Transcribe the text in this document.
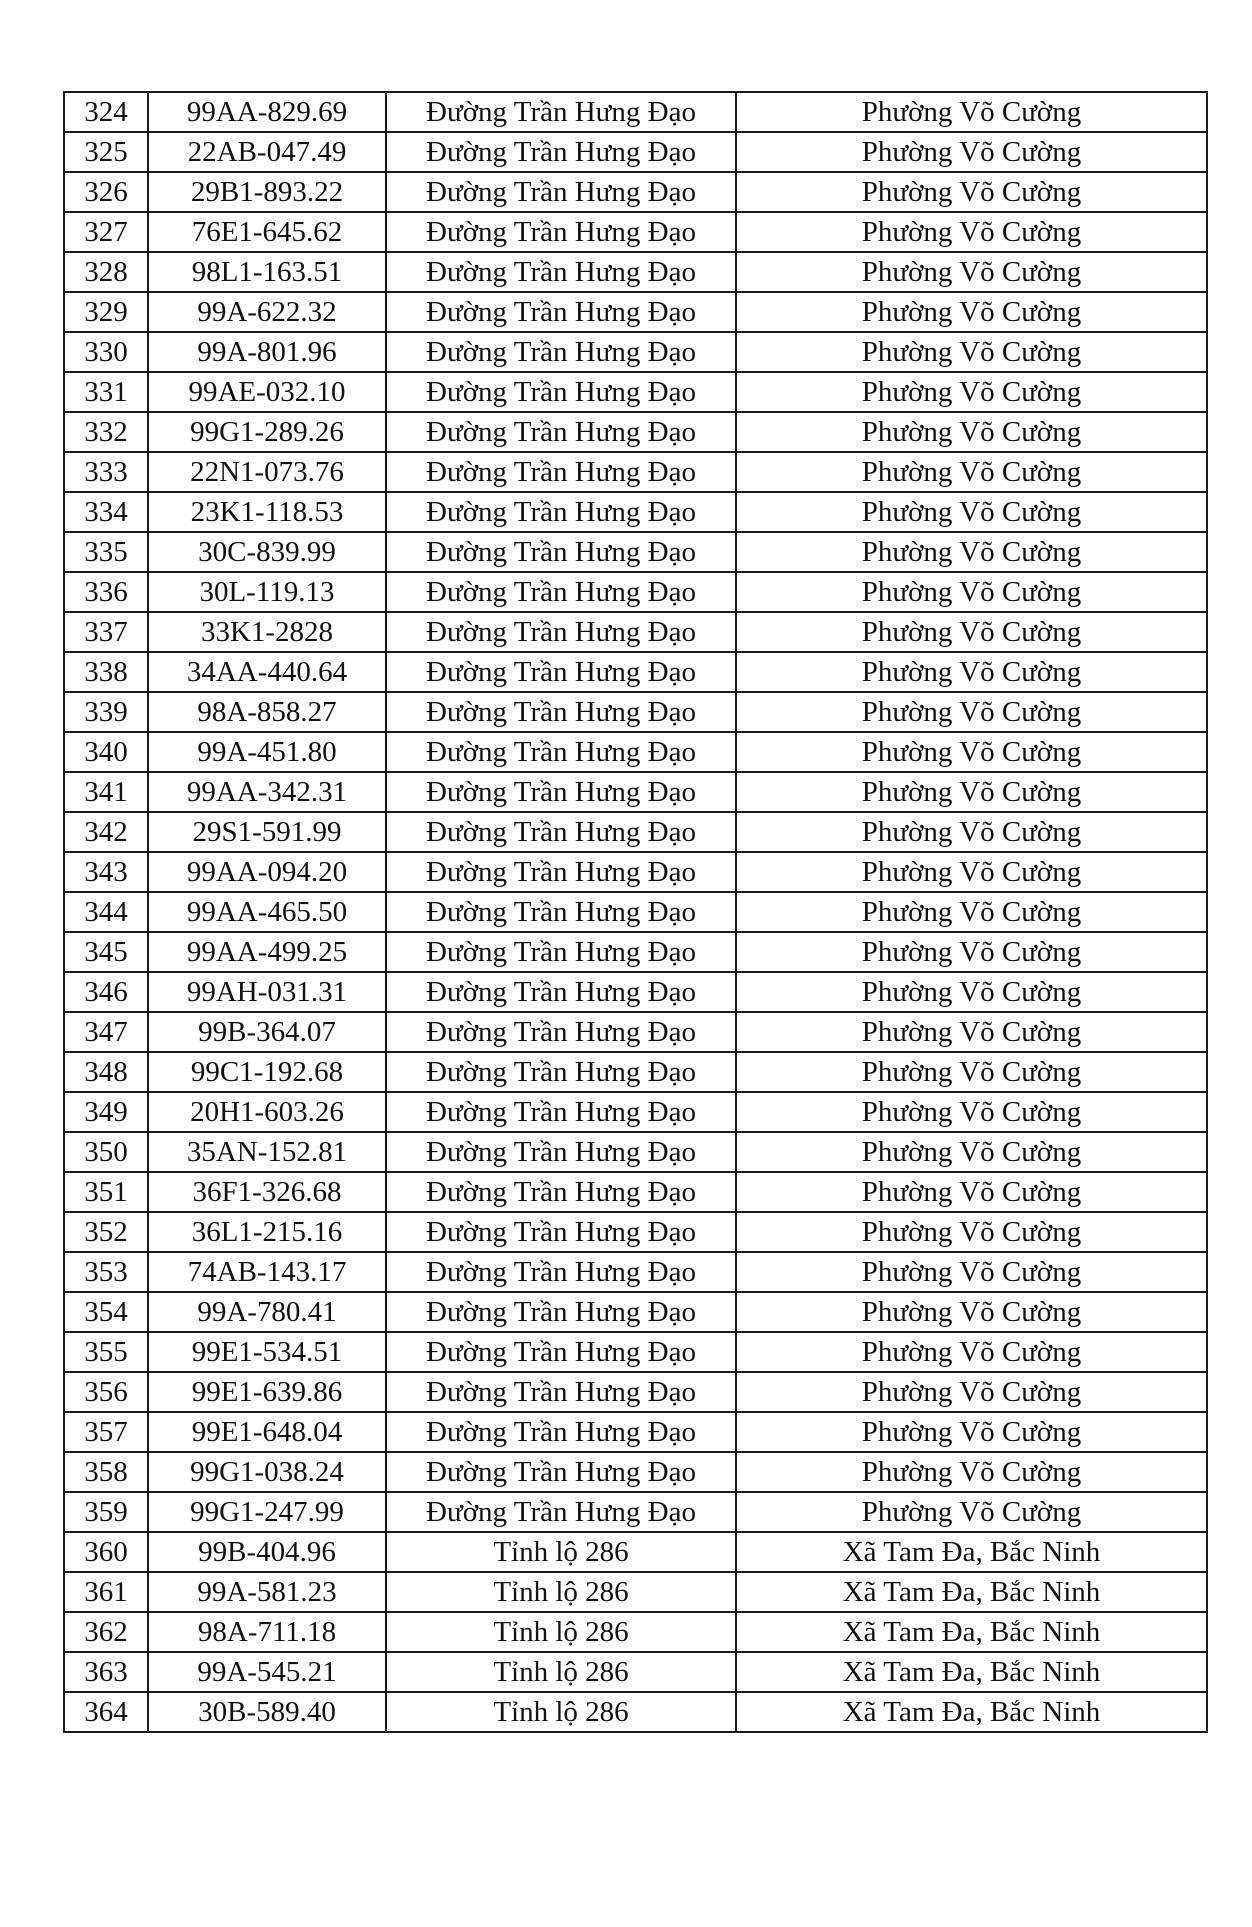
324	99AA-829.69	Đường Trần Hưng Đạo	Phường Võ Cường
325	22AB-047.49	Đường Trần Hưng Đạo	Phường Võ Cường
326	29B1-893.22	Đường Trần Hưng Đạo	Phường Võ Cường
327	76E1-645.62	Đường Trần Hưng Đạo	Phường Võ Cường
328	98L1-163.51	Đường Trần Hưng Đạo	Phường Võ Cường
329	99A-622.32	Đường Trần Hưng Đạo	Phường Võ Cường
330	99A-801.96	Đường Trần Hưng Đạo	Phường Võ Cường
331	99AE-032.10	Đường Trần Hưng Đạo	Phường Võ Cường
332	99G1-289.26	Đường Trần Hưng Đạo	Phường Võ Cường
333	22N1-073.76	Đường Trần Hưng Đạo	Phường Võ Cường
334	23K1-118.53	Đường Trần Hưng Đạo	Phường Võ Cường
335	30C-839.99	Đường Trần Hưng Đạo	Phường Võ Cường
336	30L-119.13	Đường Trần Hưng Đạo	Phường Võ Cường
337	33K1-2828	Đường Trần Hưng Đạo	Phường Võ Cường
338	34AA-440.64	Đường Trần Hưng Đạo	Phường Võ Cường
339	98A-858.27	Đường Trần Hưng Đạo	Phường Võ Cường
340	99A-451.80	Đường Trần Hưng Đạo	Phường Võ Cường
341	99AA-342.31	Đường Trần Hưng Đạo	Phường Võ Cường
342	29S1-591.99	Đường Trần Hưng Đạo	Phường Võ Cường
343	99AA-094.20	Đường Trần Hưng Đạo	Phường Võ Cường
344	99AA-465.50	Đường Trần Hưng Đạo	Phường Võ Cường
345	99AA-499.25	Đường Trần Hưng Đạo	Phường Võ Cường
346	99AH-031.31	Đường Trần Hưng Đạo	Phường Võ Cường
347	99B-364.07	Đường Trần Hưng Đạo	Phường Võ Cường
348	99C1-192.68	Đường Trần Hưng Đạo	Phường Võ Cường
349	20H1-603.26	Đường Trần Hưng Đạo	Phường Võ Cường
350	35AN-152.81	Đường Trần Hưng Đạo	Phường Võ Cường
351	36F1-326.68	Đường Trần Hưng Đạo	Phường Võ Cường
352	36L1-215.16	Đường Trần Hưng Đạo	Phường Võ Cường
353	74AB-143.17	Đường Trần Hưng Đạo	Phường Võ Cường
354	99A-780.41	Đường Trần Hưng Đạo	Phường Võ Cường
355	99E1-534.51	Đường Trần Hưng Đạo	Phường Võ Cường
356	99E1-639.86	Đường Trần Hưng Đạo	Phường Võ Cường
357	99E1-648.04	Đường Trần Hưng Đạo	Phường Võ Cường
358	99G1-038.24	Đường Trần Hưng Đạo	Phường Võ Cường
359	99G1-247.99	Đường Trần Hưng Đạo	Phường Võ Cường
360	99B-404.96	Tỉnh lộ 286	Xã Tam Đa, Bắc Ninh
361	99A-581.23	Tỉnh lộ 286	Xã Tam Đa, Bắc Ninh
362	98A-711.18	Tỉnh lộ 286	Xã Tam Đa, Bắc Ninh
363	99A-545.21	Tỉnh lộ 286	Xã Tam Đa, Bắc Ninh
364	30B-589.40	Tỉnh lộ 286	Xã Tam Đa, Bắc Ninh
